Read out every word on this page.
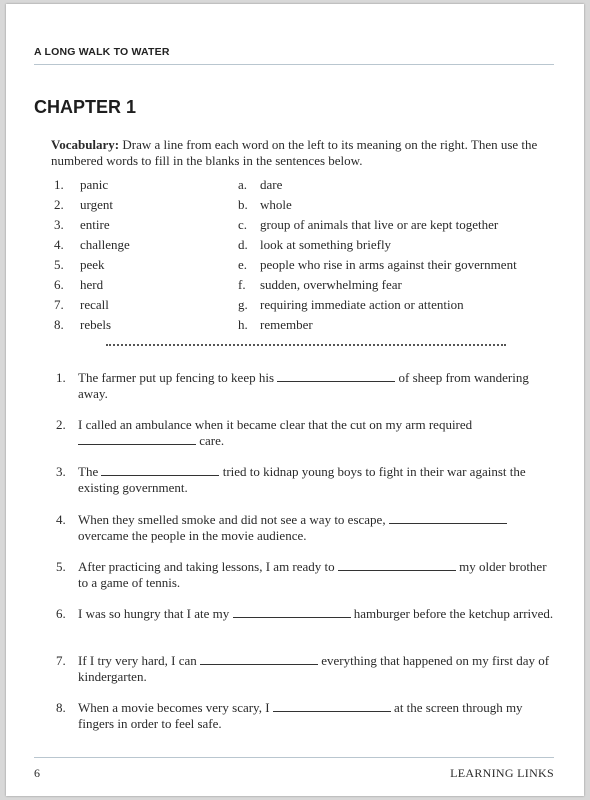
A LONG WALK TO WATER
CHAPTER 1
Vocabulary: Draw a line from each word on the left to its meaning on the right. Then use the numbered words to fill in the blanks in the sentences below.
1. panic	a. dare
2. urgent	b. whole
3. entire	c. group of animals that live or are kept together
4. challenge	d. look at something briefly
5. peek	e. people who rise in arms against their government
6. herd	f. sudden, overwhelming fear
7. recall	g. requiring immediate action or attention
8. rebels	h. remember
1. The farmer put up fencing to keep his	of sheep from wandering away.
2. I called an ambulance when it became clear that the cut on my arm required  care.
3. The	tried to kidnap young boys to fight in their war against the existing government.
4. When they smelled smoke and did not see a way to escape,  overcame the people in the movie audience.
5. After practicing and taking lessons, I am ready to	my older brother to a game of tennis.
6. I was so hungry that I ate my	hamburger before the ketchup arrived.
7. If I try very hard, I can	everything that happened on my first day of kindergarten.
8. When a movie becomes very scary, I	at the screen through my fingers in order to feel safe.
6	LEARNING LINKS
